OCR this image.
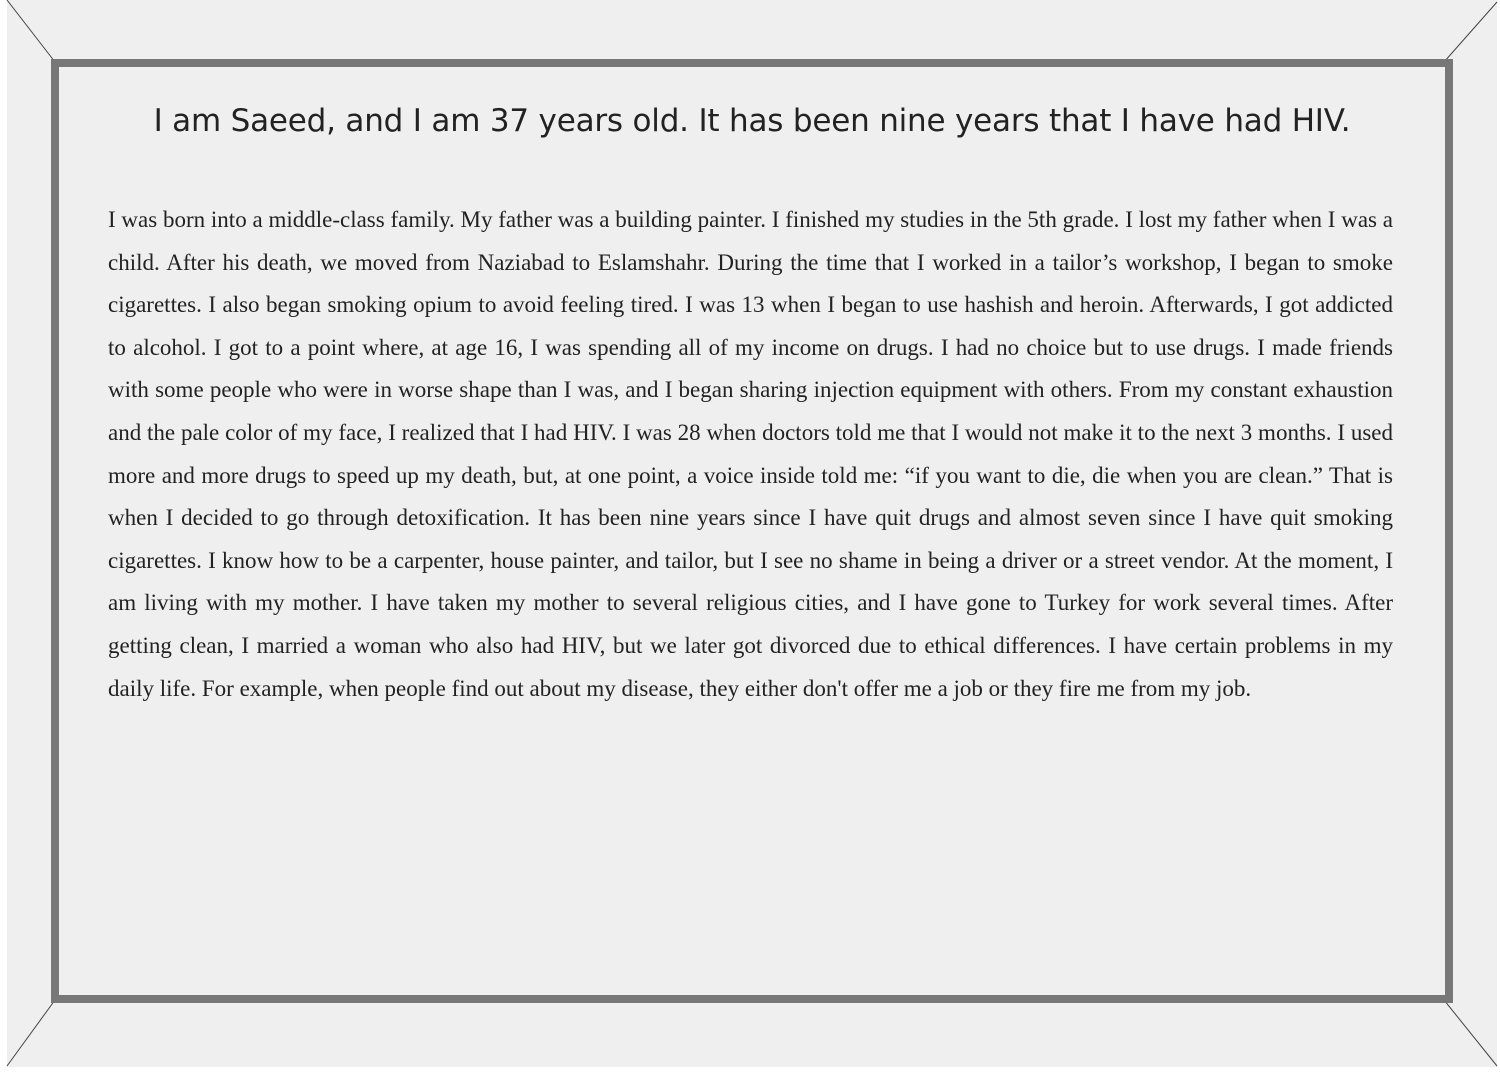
I am Saeed, and I am 37 years old. It has been nine years that I have had HIV.

I was born into a middle-class family. My father was a building painter. I finished my studies in the 5th grade. I lost my father when I was a child. After his death, we moved from Naziabad to Eslamshahr. During the time that I worked in a tailor’s workshop, I began to smoke cigarettes. I also began smoking opium to avoid feeling tired. I was 13 when I began to use hashish and heroin. Afterwards, I got addicted to alcohol. I got to a point where, at age 16, I was spending all of my income on drugs. I had no choice but to use drugs. I made friends with some people who were in worse shape than I was, and I began sharing injection equipment with others. From my constant exhaustion and the pale color of my face, I realized that I had HIV. I was 28 when doctors told me that I would not make it to the next 3 months. I used more and more drugs to speed up my death, but, at one point, a voice inside told me: “if you want to die, die when you are clean.” That is when I decided to go through detoxification. It has been nine years since I have quit drugs and almost seven since I have quit smoking cigarettes. I know how to be a carpenter, house painter, and tailor, but I see no shame in being a driver or a street vendor. At the moment, I am living with my mother. I have taken my mother to several religious cities, and I have gone to Turkey for work several times. After getting clean, I married a woman who also had HIV, but we later got divorced due to ethical differences. I have certain problems in my daily life. For example, when people find out about my disease, they either don't offer me a job or they fire me from my job.
